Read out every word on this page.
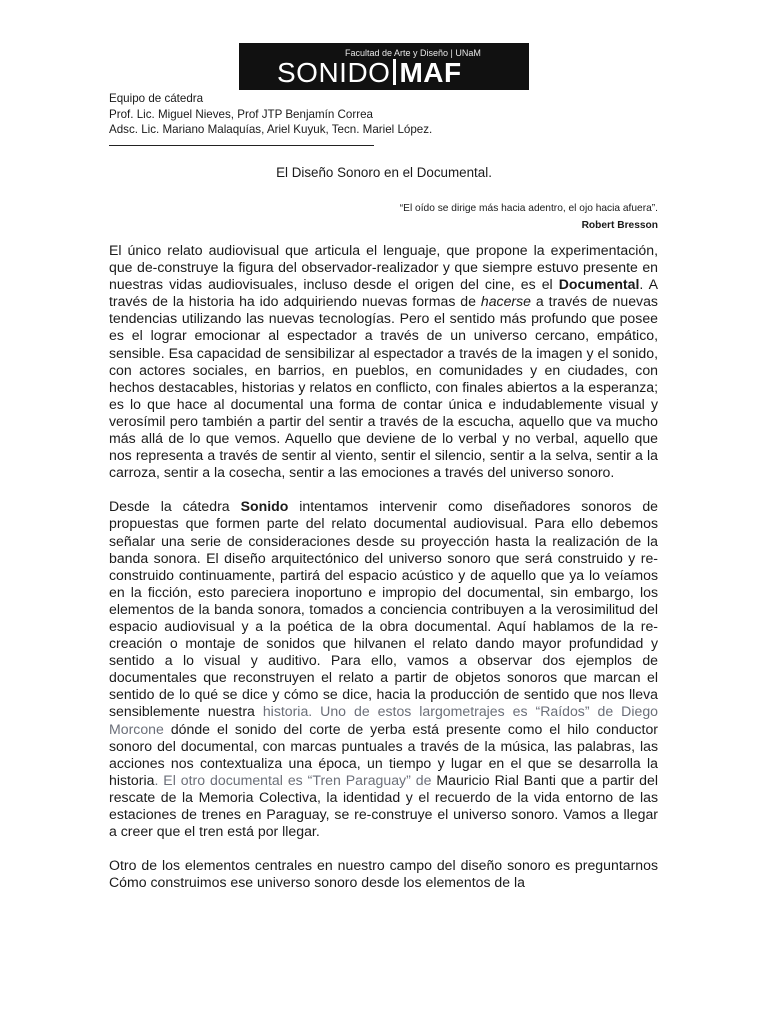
Facultad de Arte y Diseño | UNaM
SONIDO MAF
Equipo de cátedra
Prof. Lic. Miguel Nieves, Prof JTP Benjamín Correa
Adsc. Lic. Mariano Malaquías, Ariel Kuyuk, Tecn. Mariel López.
El Diseño Sonoro en el Documental.
“El oído se dirige más hacia adentro, el ojo hacia afuera”.
Robert Bresson

El único relato audiovisual que articula el lenguaje, que propone la experimentación, que de-construye la figura del observador-realizador y que siempre estuvo presente en nuestras vidas audiovisuales, incluso desde el origen del cine, es el Documental. A través de la historia ha ido adquiriendo nuevas formas de hacerse a través de nuevas tendencias utilizando las nuevas tecnologías. Pero el sentido más profundo que posee es el lograr emocionar al espectador a través de un universo cercano, empático, sensible. Esa capacidad de sensibilizar al espectador a través de la imagen y el sonido, con actores sociales, en barrios, en pueblos, en comunidades y en ciudades, con hechos destacables, historias y relatos en conflicto, con finales abiertos a la esperanza; es lo que hace al documental una forma de contar única e indudablemente visual y verosímil pero también a partir del sentir a través de la escucha, aquello que va mucho más allá de lo que vemos. Aquello que deviene de lo verbal y no verbal, aquello que nos representa a través de sentir al viento, sentir el silencio, sentir a la selva, sentir a la carroza, sentir a la cosecha, sentir a las emociones a través del universo sonoro.

Desde la cátedra Sonido intentamos intervenir como diseñadores sonoros de propuestas que formen parte del relato documental audiovisual. Para ello debemos señalar una serie de consideraciones desde su proyección hasta la realización de la banda sonora. El diseño arquitectónico del universo sonoro que será construido y re-construido continuamente, partirá del espacio acústico y de aquello que ya lo veíamos en la ficción, esto pareciera inoportuno e impropio del documental, sin embargo, los elementos de la banda sonora, tomados a conciencia contribuyen a la verosimilitud del espacio audiovisual y a la poética de la obra documental. Aquí hablamos de la re-creación o montaje de sonidos que hilvanen el relato dando mayor profundidad y sentido a lo visual y auditivo. Para ello, vamos a observar dos ejemplos de documentales que reconstruyen el relato a partir de objetos sonoros que marcan el sentido de lo qué se dice y cómo se dice, hacia la producción de sentido que nos lleva sensiblemente nuestra historia. Uno de estos largometrajes es “Raídos” de Diego Morcone dónde el sonido del corte de yerba está presente como el hilo conductor sonoro del documental, con marcas puntuales a través de la música, las palabras, las acciones nos contextualiza una época, un tiempo y lugar en el que se desarrolla la historia. El otro documental es “Tren Paraguay” de Mauricio Rial Banti que a partir del rescate de la Memoria Colectiva, la identidad y el recuerdo de la vida entorno de las estaciones de trenes en Paraguay, se re-construye el universo sonoro. Vamos a llegar a creer que el tren está por llegar.

Otro de los elementos centrales en nuestro campo del diseño sonoro es preguntarnos Cómo construimos ese universo sonoro desde los elementos de la
